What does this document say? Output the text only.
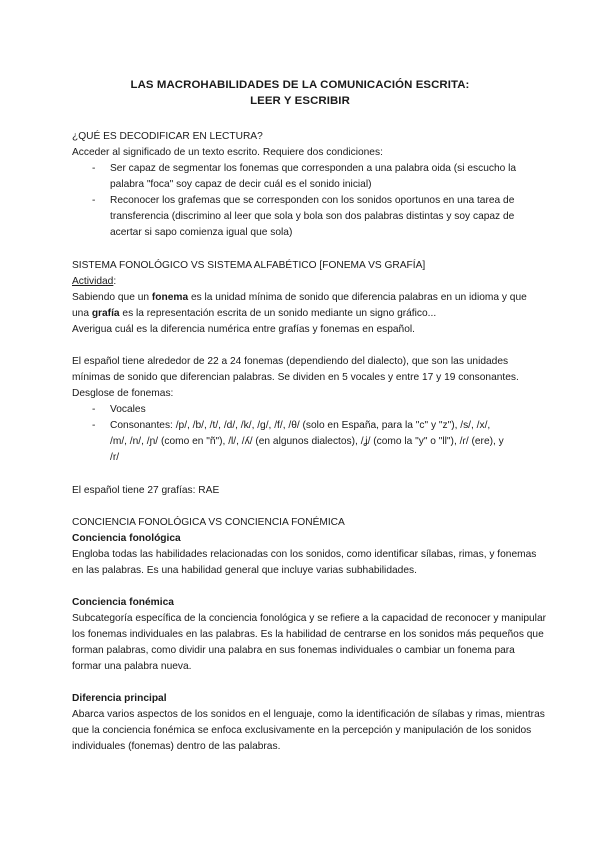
LAS MACROHABILIDADES DE LA COMUNICACIÓN ESCRITA:
LEER Y ESCRIBIR
¿QUÉ ES DECODIFICAR EN LECTURA?
Acceder al significado de un texto escrito. Requiere dos condiciones:
- Ser capaz de segmentar los fonemas que corresponden a una palabra oida (si escucho la
palabra "foca" soy capaz de decir cuál es el sonido inicial)
- Reconocer los grafemas que se corresponden con los sonidos oportunos en una tarea de
transferencia (discrimino al leer que sola y bola son dos palabras distintas y soy capaz de
acertar si sapo comienza igual que sola)
SISTEMA FONOLÓGICO VS SISTEMA ALFABÉTICO [FONEMA VS GRAFÍA]
Actividad:
Sabiendo que un fonema es la unidad mínima de sonido que diferencia palabras en un idioma y que
una grafía es la representación escrita de un sonido mediante un signo gráfico...
Averigua cuál es la diferencia numérica entre grafías y fonemas en español.
El español tiene alrededor de 22 a 24 fonemas (dependiendo del dialecto), que son las unidades
mínimas de sonido que diferencian palabras. Se dividen en 5 vocales y entre 17 y 19 consonantes.
Desglose de fonemas:
- Vocales
- Consonantes: /p/, /b/, /t/, /d/, /k/, /g/, /f/, /θ/ (solo en España, para la "c" y "z"), /s/, /x/,
/m/, /n/, /ɲ/ (como en "ñ"), /l/, /ʎ/ (en algunos dialectos), /ʝ/ (como la "y" o "ll"), /ɾ/ (ere), y
/r/
El español tiene 27 grafías: RAE
CONCIENCIA FONOLÓGICA VS CONCIENCIA FONÉMICA
Conciencia fonológica
Engloba todas las habilidades relacionadas con los sonidos, como identificar sílabas, rimas, y fonemas
en las palabras. Es una habilidad general que incluye varias subhabilidades.
Conciencia fonémica
Subcategoría específica de la conciencia fonológica y se refiere a la capacidad de reconocer y manipular
los fonemas individuales en las palabras. Es la habilidad de centrarse en los sonidos más pequeños que
forman palabras, como dividir una palabra en sus fonemas individuales o cambiar un fonema para
formar una palabra nueva.
Diferencia principal
Abarca varios aspectos de los sonidos en el lenguaje, como la identificación de sílabas y rimas, mientras
que la conciencia fonémica se enfoca exclusivamente en la percepción y manipulación de los sonidos
individuales (fonemas) dentro de las palabras.
